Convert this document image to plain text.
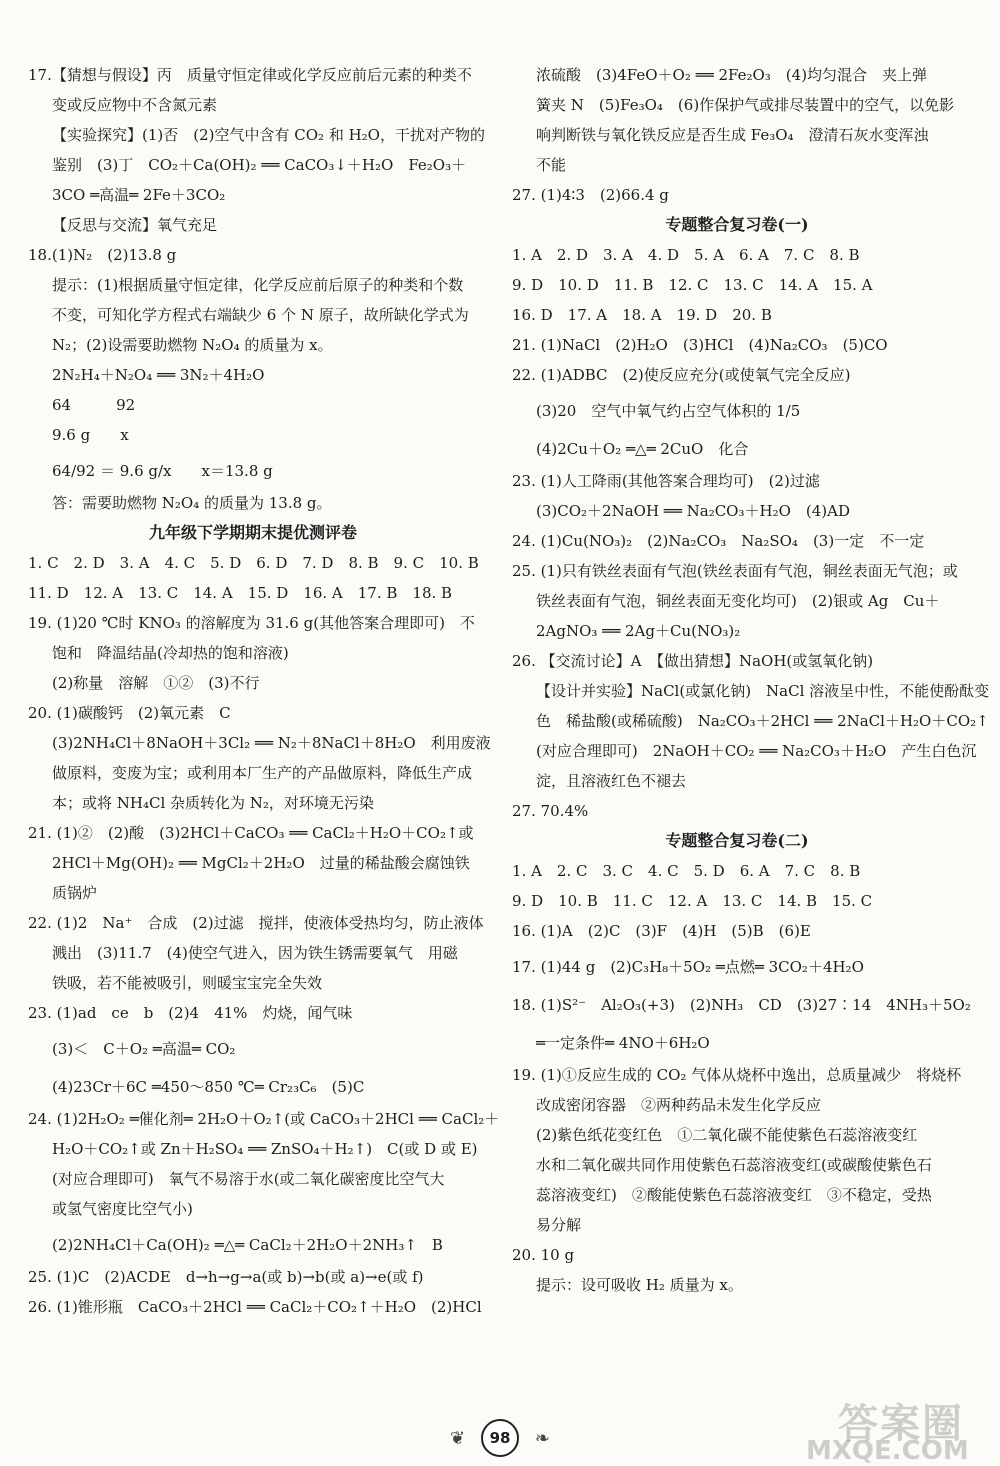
17.【猜想与假设】丙　质量守恒定律或化学反应前后元素的种类不
变或反应物中不含氮元素
【实验探究】(1)否　(2)空气中含有 CO₂ 和 H₂O，干扰对产物的
鉴别　(3)丁　CO₂＋Ca(OH)₂ ══ CaCO₃↓＋H₂O　Fe₂O₃＋
3CO ═高温═ 2Fe＋3CO₂
【反思与交流】氧气充足
18.(1)N₂　(2)13.8 g
提示：(1)根据质量守恒定律，化学反应前后原子的种类和个数
不变，可知化学方程式右端缺少 6 个 N 原子，故所缺化学式为
N₂；(2)设需要助燃物 N₂O₄ 的质量为 x。
2N₂H₄＋N₂O₄ ══ 3N₂＋4H₂O
64　　　92
9.6 g　　x
64/92 ＝ 9.6 g/x　　x＝13.8 g
答：需要助燃物 N₂O₄ 的质量为 13.8 g。
九年级下学期期末提优测评卷
1. C　2. D　3. A　4. C　5. D　6. D　7. D　8. B　9. C　10. B
11. D　12. A　13. C　14. A　15. D　16. A　17. B　18. B
19. (1)20 ℃时 KNO₃ 的溶解度为 31.6 g(其他答案合理即可)　不
饱和　降温结晶(冷却热的饱和溶液)
(2)称量　溶解　①②　(3)不行
20. (1)碳酸钙　(2)氧元素　C
(3)2NH₄Cl＋8NaOH＋3Cl₂ ══ N₂＋8NaCl＋8H₂O　利用废液
做原料，变废为宝；或利用本厂生产的产品做原料，降低生产成
本；或将 NH₄Cl 杂质转化为 N₂，对环境无污染
21. (1)②　(2)酸　(3)2HCl＋CaCO₃ ══ CaCl₂＋H₂O＋CO₂↑或
2HCl＋Mg(OH)₂ ══ MgCl₂＋2H₂O　过量的稀盐酸会腐蚀铁
质锅炉
22. (1)2　Na⁺　合成　(2)过滤　搅拌，使液体受热均匀，防止液体
溅出　(3)11.7　(4)使空气进入，因为铁生锈需要氧气　用磁
铁吸，若不能被吸引，则暖宝宝完全失效
23. (1)ad　ce　b　(2)4　41%　灼烧，闻气味
(3)＜　C＋O₂ ═高温═ CO₂
(4)23Cr＋6C ═450～850 ℃═ Cr₂₃C₆　(5)C
24. (1)2H₂O₂ ═催化剂═ 2H₂O＋O₂↑(或 CaCO₃＋2HCl ══ CaCl₂＋
H₂O＋CO₂↑或 Zn＋H₂SO₄ ══ ZnSO₄＋H₂↑)　C(或 D 或 E)
(对应合理即可)　氧气不易溶于水(或二氧化碳密度比空气大
或氢气密度比空气小)
(2)2NH₄Cl＋Ca(OH)₂ ═△═ CaCl₂＋2H₂O＋2NH₃↑　B
25. (1)C　(2)ACDE　d→h→g→a(或 b)→b(或 a)→e(或 f)
26. (1)锥形瓶　CaCO₃＋2HCl ══ CaCl₂＋CO₂↑＋H₂O　(2)HCl
浓硫酸　(3)4FeO＋O₂ ══ 2Fe₂O₃　(4)均匀混合　夹上弹
簧夹 N　(5)Fe₃O₄　(6)作保护气或排尽装置中的空气，以免影
响判断铁与氧化铁反应是否生成 Fe₃O₄　澄清石灰水变浑浊
不能
27. (1)4∶3　(2)66.4 g
专题整合复习卷(一)
1. A　2. D　3. A　4. D　5. A　6. A　7. C　8. B
9. D　10. D　11. B　12. C　13. C　14. A　15. A
16. D　17. A　18. A　19. D　20. B
21. (1)NaCl　(2)H₂O　(3)HCl　(4)Na₂CO₃　(5)CO
22. (1)ADBC　(2)使反应充分(或使氧气完全反应)
(3)20　空气中氧气约占空气体积的 1/5
(4)2Cu＋O₂ ═△═ 2CuO　化合
23. (1)人工降雨(其他答案合理均可)　(2)过滤
(3)CO₂＋2NaOH ══ Na₂CO₃＋H₂O　(4)AD
24. (1)Cu(NO₃)₂　(2)Na₂CO₃　Na₂SO₄　(3)一定　不一定
25. (1)只有铁丝表面有气泡(铁丝表面有气泡，铜丝表面无气泡；或
铁丝表面有气泡，铜丝表面无变化均可)　(2)银或 Ag　Cu＋
2AgNO₃ ══ 2Ag＋Cu(NO₃)₂
26. 【交流讨论】A　【做出猜想】NaOH(或氢氧化钠)
【设计并实验】NaCl(或氯化钠)　NaCl 溶液呈中性，不能使酚酞变
色　稀盐酸(或稀硫酸)　Na₂CO₃＋2HCl ══ 2NaCl＋H₂O＋CO₂↑
(对应合理即可)　2NaOH＋CO₂ ══ Na₂CO₃＋H₂O　产生白色沉
淀，且溶液红色不褪去
27. 70.4%
专题整合复习卷(二)
1. A　2. C　3. C　4. C　5. D　6. A　7. C　8. B
9. D　10. B　11. C　12. A　13. C　14. B　15. C
16. (1)A　(2)C　(3)F　(4)H　(5)B　(6)E
17. (1)44 g　(2)C₃H₈＋5O₂ ═点燃═ 3CO₂＋4H₂O
18. (1)S²⁻　Al₂O₃(+3)　(2)NH₃　CD　(3)27∶14　4NH₃＋5O₂
═一定条件═ 4NO＋6H₂O
19. (1)①反应生成的 CO₂ 气体从烧杯中逸出，总质量减少　将烧杯
改成密闭容器　②两种药品未发生化学反应
(2)紫色纸花变红色　①二氧化碳不能使紫色石蕊溶液变红
水和二氧化碳共同作用使紫色石蕊溶液变红(或碳酸使紫色石
蕊溶液变红)　②酸能使紫色石蕊溶液变红　③不稳定，受热
易分解
20. 10 g
提示：设可吸收 H₂ 质量为 x。
❦	98	❧	答案圈
MXQE.COM
